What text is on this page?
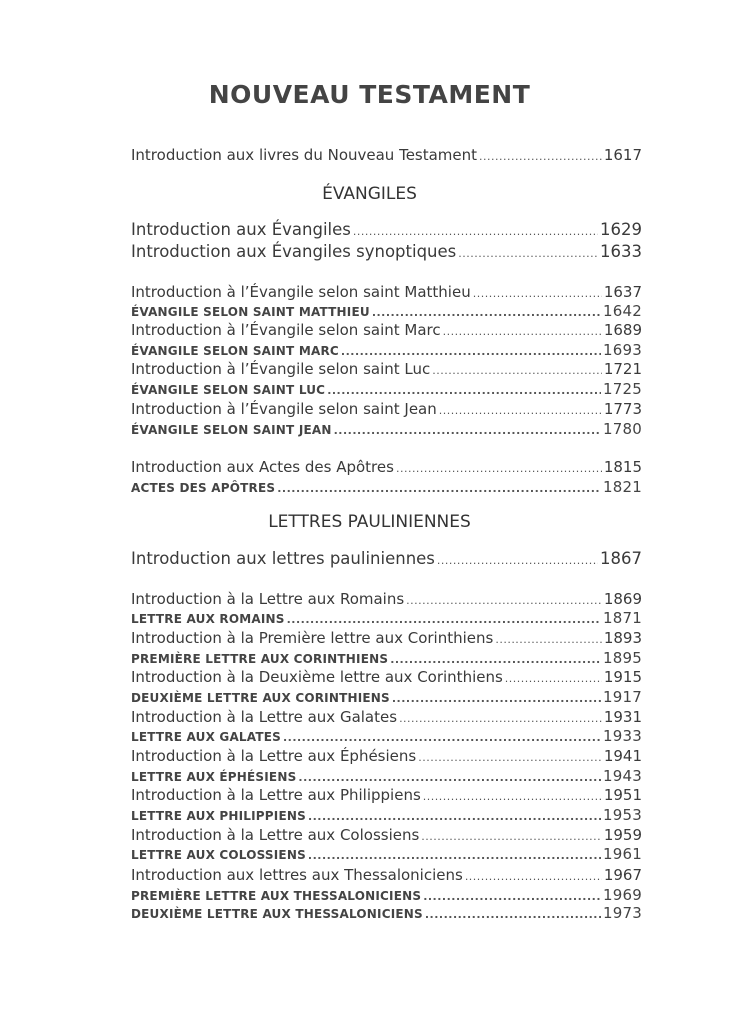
NOUVEAU TESTAMENT
Introduction aux livres du Nouveau Testament .....	1617
ÉVANGILES
Introduction aux Évangiles .....	1629
Introduction aux Évangiles synoptiques .....	1633
Introduction à l’Évangile selon saint Matthieu .....	1637
ÉVANGILE SELON SAINT MATTHIEU .....	1642
Introduction à l’Évangile selon saint Marc .....	1689
ÉVANGILE SELON SAINT MARC .....	1693
Introduction à l’Évangile selon saint Luc .....	1721
ÉVANGILE SELON SAINT LUC .....	1725
Introduction à l’Évangile selon saint Jean .....	1773
ÉVANGILE SELON SAINT JEAN .....	1780
Introduction aux Actes des Apôtres .....	1815
ACTES DES APÔTRES .....	1821
LETTRES PAULINIENNES
Introduction aux lettres pauliniennes .....	1867
Introduction à la Lettre aux Romains .....	1869
LETTRE AUX ROMAINS .....	1871
Introduction à la Première lettre aux Corinthiens .....	1893
PREMIÈRE LETTRE AUX CORINTHIENS .....	1895
Introduction à la Deuxième lettre aux Corinthiens .....	1915
DEUXIÈME LETTRE AUX CORINTHIENS .....	1917
Introduction à la Lettre aux Galates .....	1931
LETTRE AUX GALATES .....	1933
Introduction à la Lettre aux Éphésiens .....	1941
LETTRE AUX ÉPHÉSIENS .....	1943
Introduction à la Lettre aux Philippiens .....	1951
LETTRE AUX PHILIPPIENS .....	1953
Introduction à la Lettre aux Colossiens .....	1959
LETTRE AUX COLOSSIENS .....	1961
Introduction aux lettres aux Thessaloniciens .....	1967
PREMIÈRE LETTRE AUX THESSALONICIENS .....	1969
DEUXIÈME LETTRE AUX THESSALONICIENS .....	1973
